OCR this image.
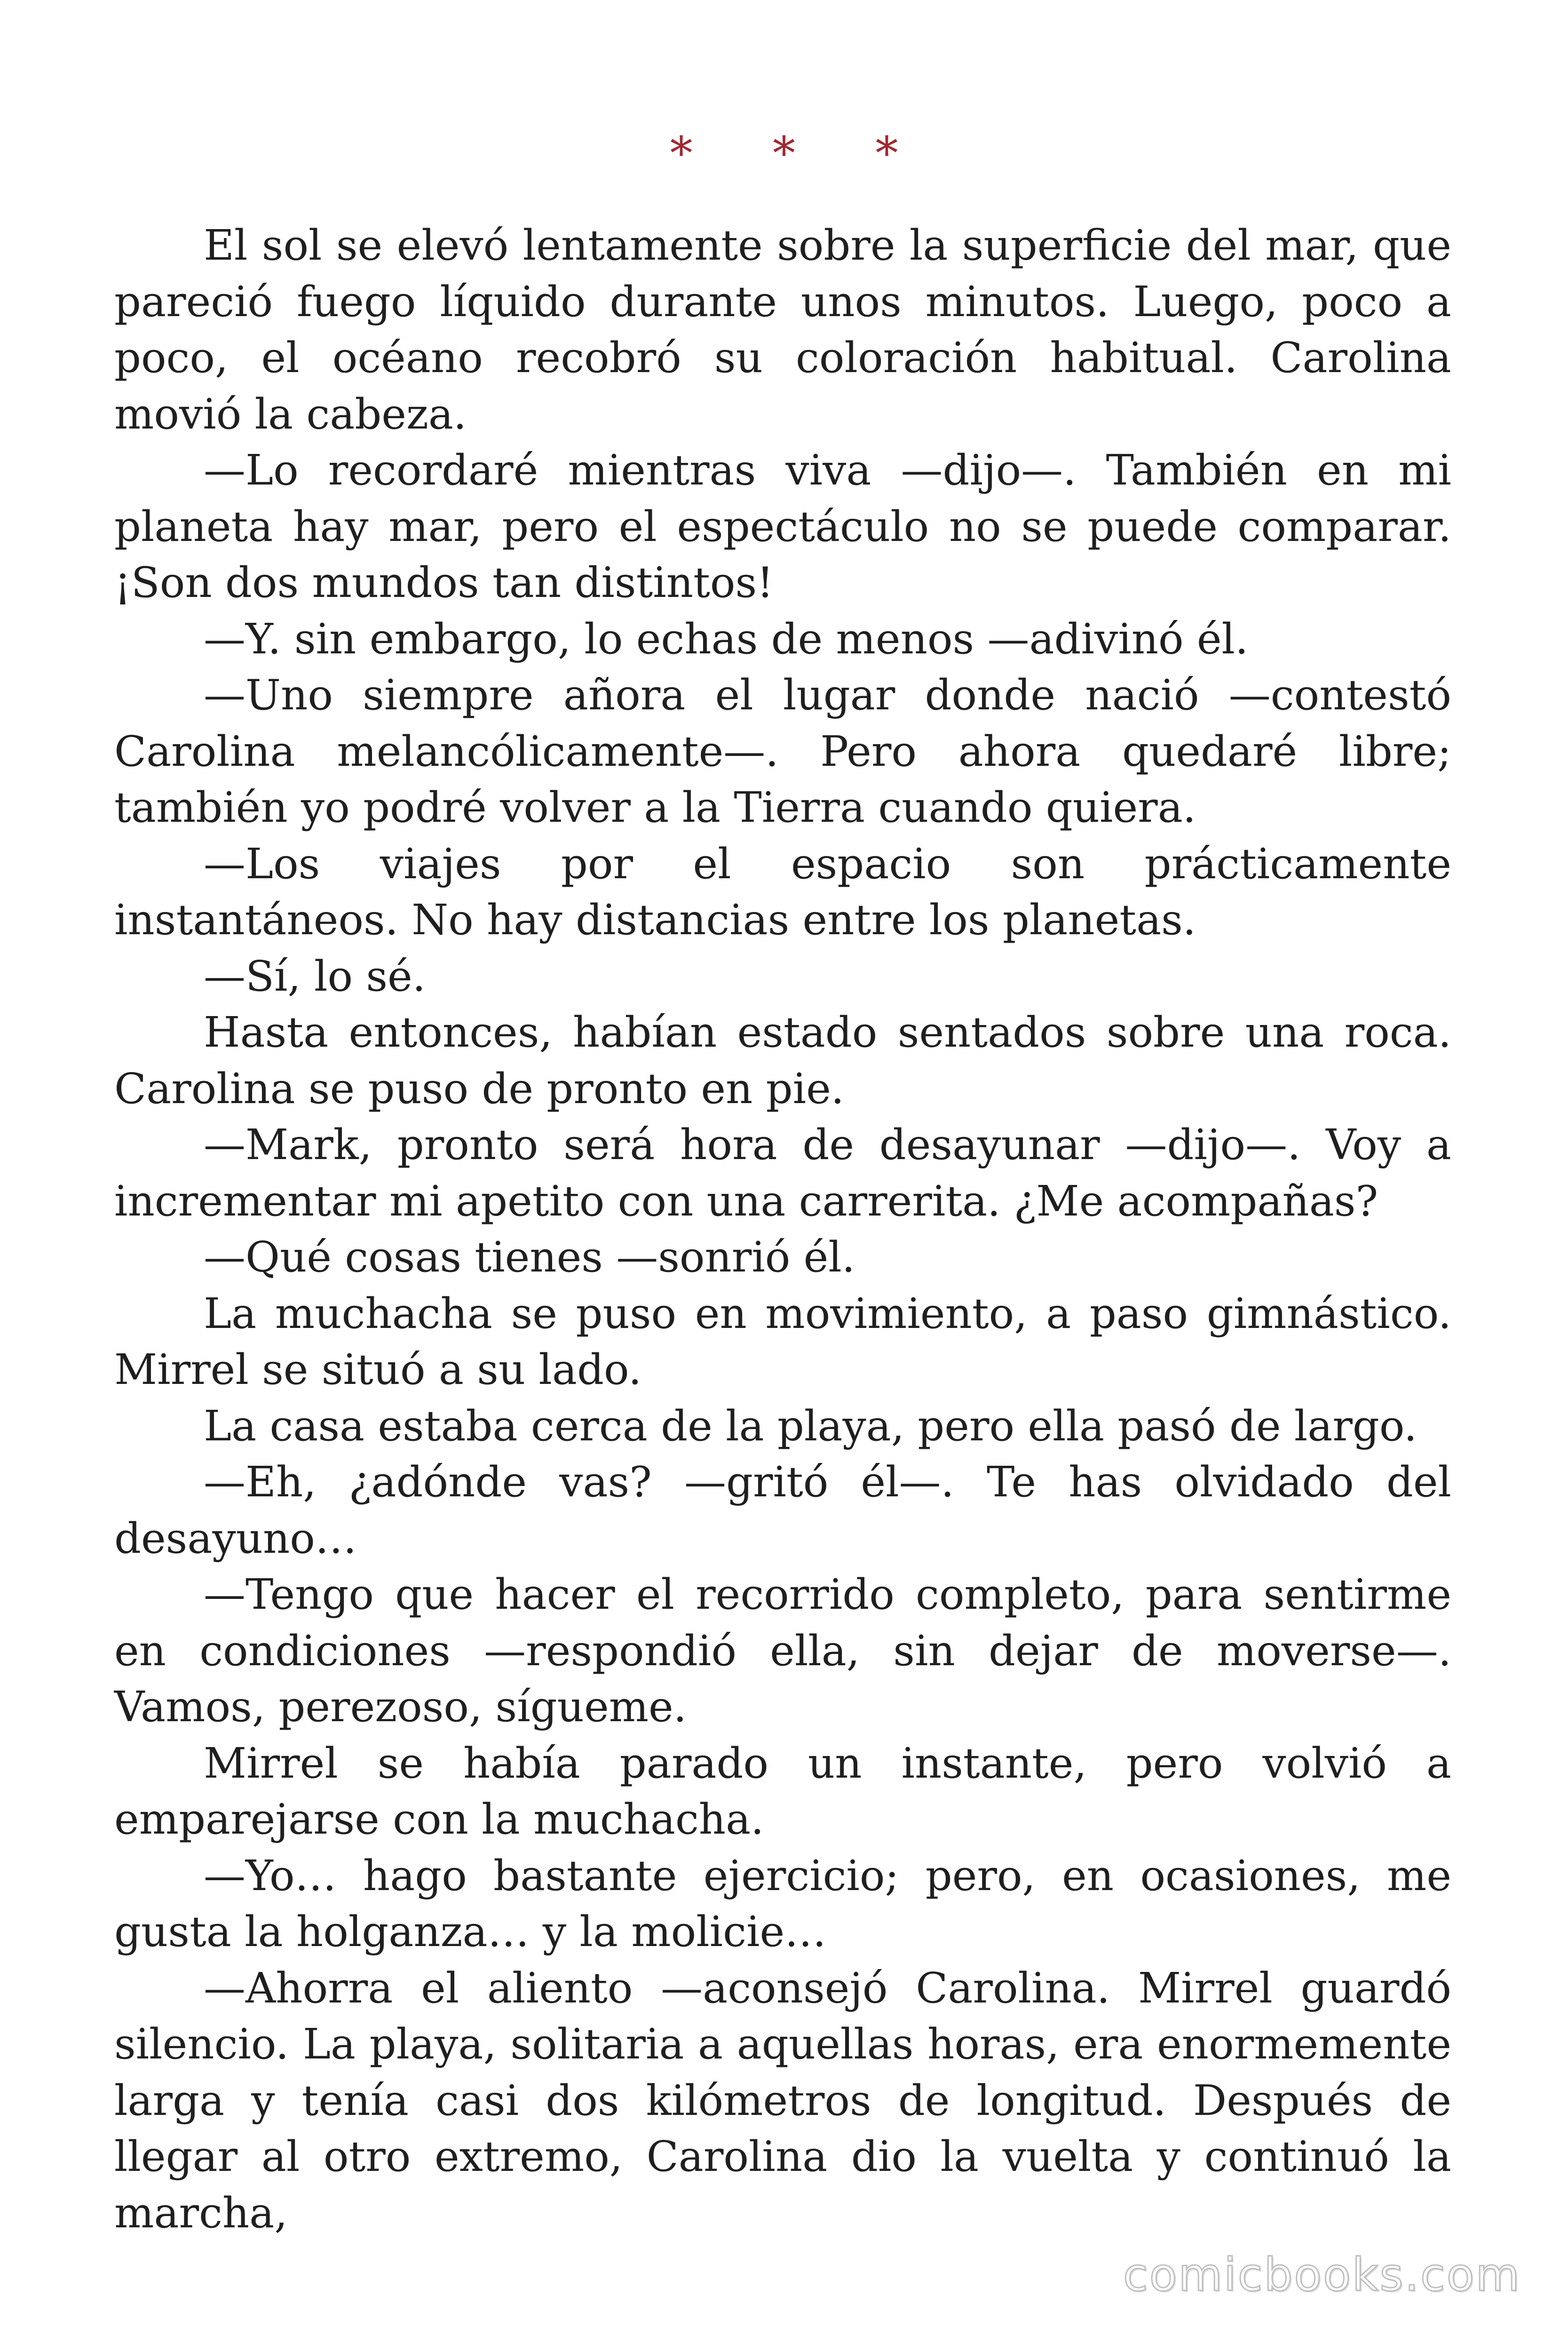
* * *

El sol se elevó lentamente sobre la superficie del mar, que pareció fuego líquido durante unos minutos. Luego, poco a poco, el océano recobró su coloración habitual. Carolina movió la cabeza.

—Lo recordaré mientras viva —dijo—. También en mi planeta hay mar, pero el espectáculo no se puede comparar. ¡Son dos mundos tan distintos!

—Y. sin embargo, lo echas de menos —adivinó él.

—Uno siempre añora el lugar donde nació —contestó Carolina melancólicamente—. Pero ahora quedaré libre; también yo podré volver a la Tierra cuando quiera.

—Los viajes por el espacio son prácticamente instantáneos. No hay distancias entre los planetas.

—Sí, lo sé.

Hasta entonces, habían estado sentados sobre una roca. Carolina se puso de pronto en pie.

—Mark, pronto será hora de desayunar —dijo—. Voy a incrementar mi apetito con una carrerita. ¿Me acompañas?

—Qué cosas tienes —sonrió él.

La muchacha se puso en movimiento, a paso gimnástico. Mirrel se situó a su lado.

La casa estaba cerca de la playa, pero ella pasó de largo.

—Eh, ¿adónde vas? —gritó él—. Te has olvidado del desayuno…

—Tengo que hacer el recorrido completo, para sentirme en condiciones —respondió ella, sin dejar de moverse—. Vamos, perezoso, sígueme.

Mirrel se había parado un instante, pero volvió a emparejarse con la muchacha.

—Yo… hago bastante ejercicio; pero, en ocasiones, me gusta la holganza… y la molicie…

—Ahorra el aliento —aconsejó Carolina. Mirrel guardó silencio. La playa, solitaria a aquellas horas, era enormemente larga y tenía casi dos kilómetros de longitud. Después de llegar al otro extremo, Carolina dio la vuelta y continuó la marcha,

comicbooks.com
